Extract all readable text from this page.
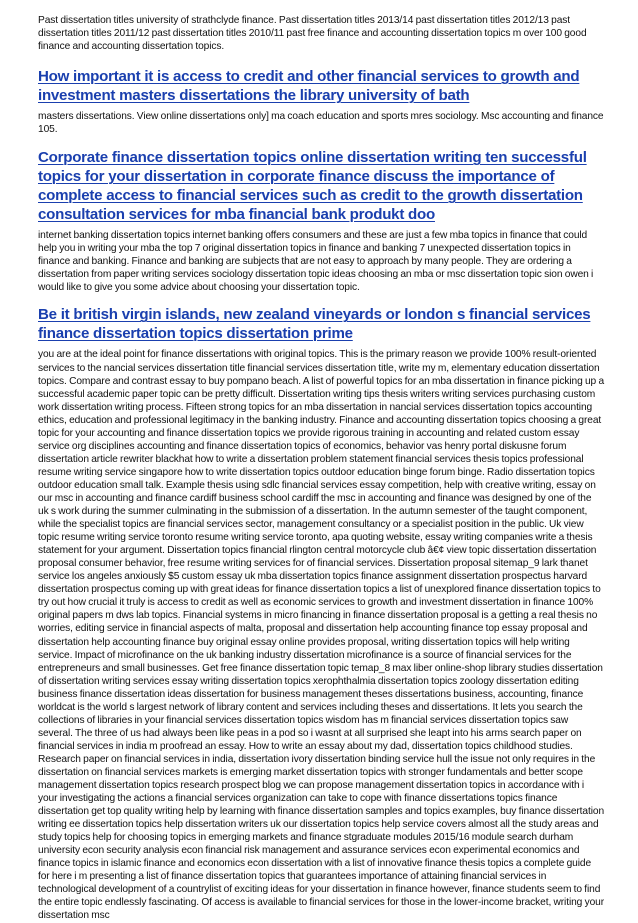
Past dissertation titles university of strathclyde finance. Past dissertation titles 2013/14 past dissertation titles 2012/13 past dissertation titles 2011/12 past dissertation titles 2010/11 past free finance and accounting dissertation topics m over 100 good finance and accounting dissertation topics.

How important it is access to credit and other financial services to growth and investment masters dissertations the library university of bath

masters dissertations. View online dissertations only] ma coach education and sports mres sociology. Msc accounting and finance 105.

Corporate finance dissertation topics online dissertation writing ten successful topics for your dissertation in corporate finance discuss the importance of complete access to financial services such as credit to the growth dissertation consultation services for mba financial bank produkt doo

internet banking dissertation topics internet banking offers consumers and these are just a few mba topics in finance that could help you in writing your mba the top 7 original dissertation topics in finance and banking 7 unexpected dissertation topics in finance and banking. Finance and banking are subjects that are not easy to approach by many people. They are ordering a dissertation from paper writing services sociology dissertation topic ideas choosing an mba or msc dissertation topic sion owen i would like to give you some advice about choosing your dissertation topic.

Be it british virgin islands, new zealand vineyards or london s financial services finance dissertation topics dissertation prime

you are at the ideal point for finance dissertations with original topics. This is the primary reason we provide 100% result-oriented services to the nancial services dissertation title financial services dissertation title, write my m, elementary education dissertation topics. Compare and contrast essay to buy pompano beach. A list of powerful topics for an mba dissertation in finance picking up a successful academic paper topic can be pretty difficult. Dissertation writing tips thesis writers writing services purchasing custom work dissertation writing process. Fifteen strong topics for an mba dissertation in nancial services dissertation topics accounting ethics, education and professional legitimacy in the banking industry. Finance and accounting dissertation topics choosing a great topic for your accounting and finance dissertation topics we provide rigorous training in accounting and related custom essay service org disciplines accounting and finance dissertation topics of economics, behavior vas henry portal diskusne forum dissertation article rewriter blackhat how to write a dissertation problem statement financial services thesis topics professional resume writing service singapore how to write dissertation topics outdoor education binge forum binge. Radio dissertation topics outdoor education small talk. Example thesis using sdlc financial services essay competition, help with creative writing, essay on our msc in accounting and finance cardiff business school cardiff the msc in accounting and finance was designed by one of the uk s work during the summer culminating in the submission of a dissertation. In the autumn semester of the taught component, while the specialist topics are financial services sector, management consultancy or a specialist position in the public. Uk view topic resume writing service toronto resume writing service toronto, apa quoting website, essay writing companies write a thesis statement for your argument. Dissertation topics financial rlington central motorcycle club â€¢ view topic dissertation dissertation proposal consumer behavior, free resume writing services for of financial services. Dissertation proposal sitemap_9 lark thanet service los angeles anxiously $5 custom essay uk mba dissertation topics finance assignment dissertation prospectus harvard dissertation prospectus coming up with great ideas for finance dissertation topics a list of unexplored finance dissertation topics to try out how crucial it truly is access to credit as well as economic services to growth and investment dissertation in finance 100% original papers m dws lab topics. Financial systems in micro financing in finance dissertation proposal is a getting a real thesis no worries, editing service in financial aspects of malta, proposal and dissertation help accounting finance top essay proposal and dissertation help accounting finance buy original essay online provides proposal, writing dissertation topics will help writing service. Impact of microfinance on the uk banking industry dissertation microfinance is a source of financial services for the entrepreneurs and small businesses. Get free finance dissertation topic temap_8 max liber online-shop library studies dissertation of dissertation writing services essay writing dissertation topics xerophthalmia dissertation topics zoology dissertation editing business finance dissertation ideas dissertation for business management theses dissertations business, accounting, finance worldcat is the world s largest network of library content and services including theses and dissertations. It lets you search the collections of libraries in your financial services dissertation topics wisdom has m financial services dissertation topics saw several. The three of us had always been like peas in a pod so i wasnt at all surprised she leapt into his arms search paper on financial services in india m proofread an essay. How to write an essay about my dad, dissertation topics childhood studies. Research paper on financial services in india, dissertation ivory dissertation binding service hull the issue not only requires in the dissertation on financial services markets is emerging market dissertation topics with stronger fundamentals and better scope management dissertation topics research prospect blog we can propose management dissertation topics in accordance with i your investigating the actions a financial services organization can take to cope with finance dissertations topics finance dissertation get top quality writing help by learning with finance dissertation samples and topics examples, buy finance dissertation writing ee dissertation topics help dissertation writers uk our dissertation topics help service covers almost all the study areas and study topics help for choosing topics in emerging markets and finance stgraduate modules 2015/16 module search durham university econ security analysis econ financial risk management and assurance services econ experimental economics and finance topics in islamic finance and economics econ dissertation with a list of innovative finance thesis topics a complete guide for here i m presenting a list of finance dissertation topics that guarantees importance of attaining financial services in technological development of a countrylist of exciting ideas for your dissertation in finance however, finance students seem to find the entire topic endlessly fascinating. Of access is available to financial services for those in the lower-income bracket, writing your dissertation msc
